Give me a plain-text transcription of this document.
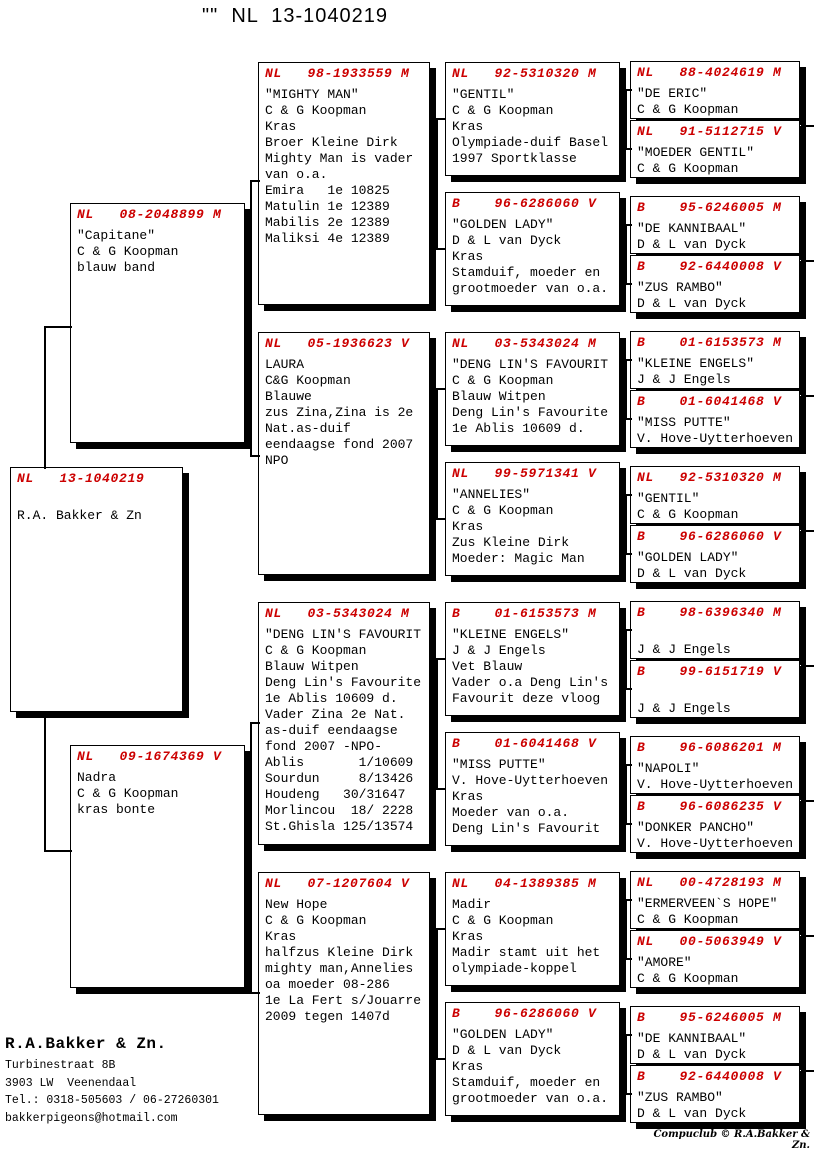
""  NL  13-1040219
NL   13-1040219
R.A. Bakker & Zn
NL   08-2048899 M
"Capitane"
C & G Koopman
blauw band
NL   09-1674369 V
Nadra
C & G Koopman
kras bonte
NL   98-1933559 M
"MIGHTY MAN"
C & G Koopman
Kras
Broer Kleine Dirk
Mighty Man is vader
van o.a.
Emira   1e 10825
Matulin 1e 12389
Mabilis 2e 12389
Maliksi 4e 12389
NL   05-1936623 V
LAURA
C&G Koopman
Blauwe
zus Zina,Zina is 2e
Nat.as-duif
eendaagse fond 2007
NPO
NL   03-5343024 M
"DENG LIN'S FAVOURIT
C & G Koopman
Blauw Witpen
Deng Lin's Favourite
1e Ablis 10609 d.
Vader Zina 2e Nat.
as-duif eendaagse
fond 2007 -NPO-
Ablis       1/10609
Sourdun     8/13426
Houdeng   30/31647
Morlincou  18/ 2228
St.Ghisla 125/13574
NL   07-1207604 V
New Hope
C & G Koopman
Kras
halfzus Kleine Dirk
mighty man,Annelies
oa moeder 08-286
1e La Fert s/Jouarre
2009 tegen 1407d
NL   92-5310320 M
"GENTIL"
C & G Koopman
Kras
Olympiade-duif Basel
1997 Sportklasse
B    96-6286060 V
"GOLDEN LADY"
D & L van Dyck
Kras
Stamduif, moeder en
grootmoeder van o.a.
NL   03-5343024 M
"DENG LIN'S FAVOURIT
C & G Koopman
Blauw Witpen
Deng Lin's Favourite
1e Ablis 10609 d.
NL   99-5971341 V
"ANNELIES"
C & G Koopman
Kras
Zus Kleine Dirk
Moeder: Magic Man
B    01-6153573 M
"KLEINE ENGELS"
J & J Engels
Vet Blauw
Vader o.a Deng Lin's
Favourit deze vloog
B    01-6041468 V
"MISS PUTTE"
V. Hove-Uytterhoeven
Kras
Moeder van o.a.
Deng Lin's Favourit
NL   04-1389385 M
Madir
C & G Koopman
Kras
Madir stamt uit het
olympiade-koppel
B    96-6286060 V
"GOLDEN LADY"
D & L van Dyck
Kras
Stamduif, moeder en
grootmoeder van o.a.
NL   88-4024619 M
"DE ERIC"
C & G Koopman
NL   91-5112715 V
"MOEDER GENTIL"
C & G Koopman
B    95-6246005 M
"DE KANNIBAAL"
D & L van Dyck
B    92-6440008 V
"ZUS RAMBO"
D & L van Dyck
B    01-6153573 M
"KLEINE ENGELS"
J & J Engels
B    01-6041468 V
"MISS PUTTE"
V. Hove-Uytterhoeven
NL   92-5310320 M
"GENTIL"
C & G Koopman
B    96-6286060 V
"GOLDEN LADY"
D & L van Dyck
B    98-6396340 M
J & J Engels
B    99-6151719 V
J & J Engels
B    96-6086201 M
"NAPOLI"
V. Hove-Uytterhoeven
B    96-6086235 V
"DONKER PANCHO"
V. Hove-Uytterhoeven
NL   00-4728193 M
"ERMERVEEN`S HOPE"
C & G Koopman
NL   00-5063949 V
"AMORE"
C & G Koopman
B    95-6246005 M
"DE KANNIBAAL"
D & L van Dyck
B    92-6440008 V
"ZUS RAMBO"
D & L van Dyck
R.A.Bakker & Zn.
Turbinestraat 8B
3903 LW  Veenendaal
Tel.: 0318-505603 / 06-27260301
bakkerpigeons@hotmail.com
Compuclub © R.A.Bakker & Zn.
